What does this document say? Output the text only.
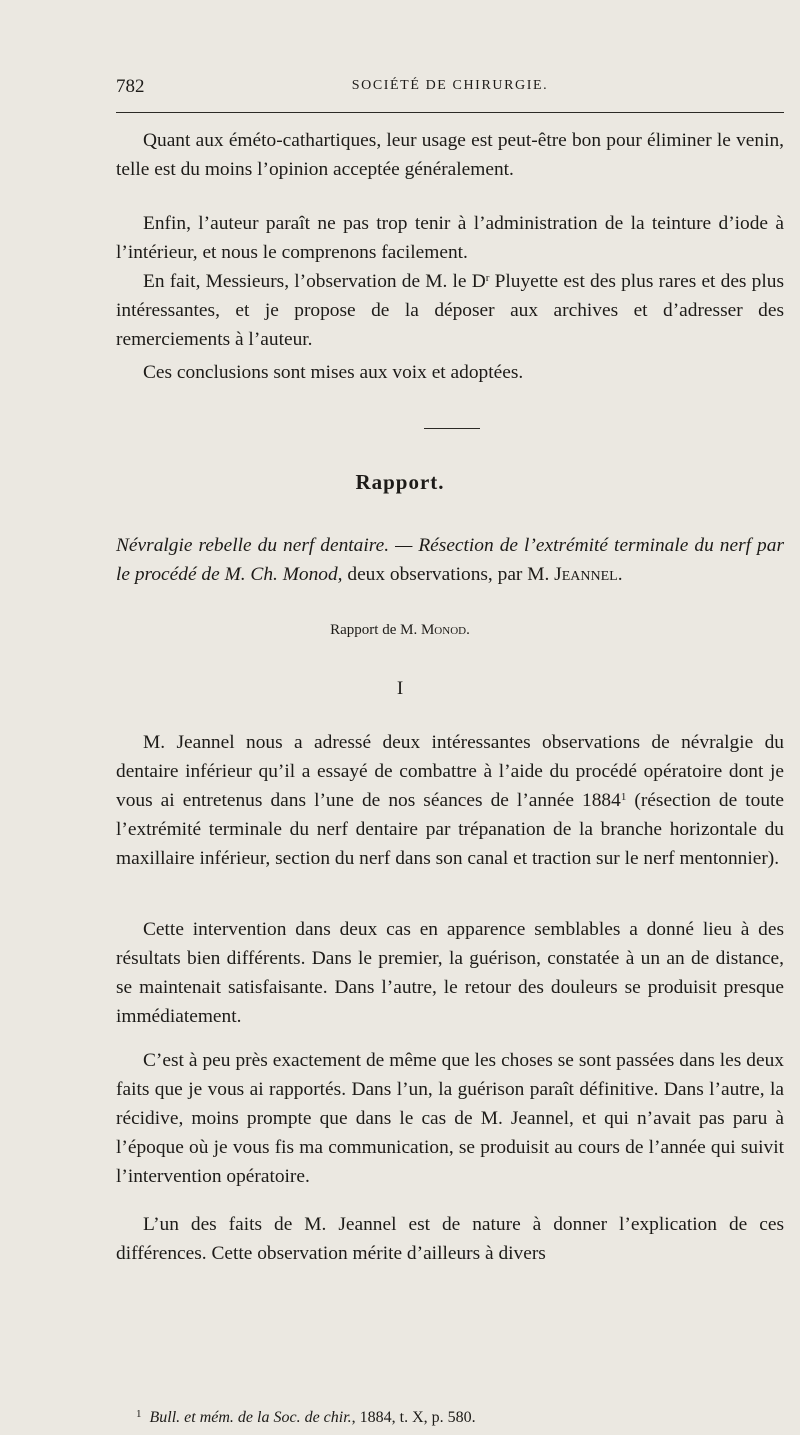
782	SOCIÉTÉ DE CHIRURGIE.

Quant aux éméto-cathartiques, leur usage est peut-être bon pour éliminer le venin, telle est du moins l’opinion acceptée généralement.

Enfin, l’auteur paraît ne pas trop tenir à l’administration de la teinture d’iode à l’intérieur, et nous le comprenons facilement.

En fait, Messieurs, l’observation de M. le $D^r$ Pluyette est des plus rares et des plus intéressantes, et je propose de la déposer aux archives et d’adresser des remerciements à l’auteur.

Ces conclusions sont mises aux voix et adoptées.

Rapport.
Névralgie rebelle du nerf dentaire. — Résection de l’extrémité terminale du nerf par le procédé de M. Ch. Monod, deux observations, par M. Jeannel.
Rapport de M. Monod.
I

M. Jeannel nous a adressé deux intéressantes observations de névralgie du dentaire inférieur qu’il a essayé de combattre à l’aide du procédé opératoire dont je vous ai entretenus dans l’une de nos séances de l’année 1884$^1$ (résection de toute l’extrémité terminale du nerf dentaire par trépanation de la branche horizontale du maxillaire inférieur, section du nerf dans son canal et traction sur le nerf mentonnier).

Cette intervention dans deux cas en apparence semblables a donné lieu à des résultats bien différents. Dans le premier, la guérison, constatée à un an de distance, se maintenait satisfaisante. Dans l’autre, le retour des douleurs se produisit presque immédiatement.

C’est à peu près exactement de même que les choses se sont passées dans les deux faits que je vous ai rapportés. Dans l’un, la guérison paraît définitive. Dans l’autre, la récidive, moins prompte que dans le cas de M. Jeannel, et qui n’avait pas paru à l’époque où je vous fis ma communication, se produisit au cours de l’année qui suivit l’intervention opératoire.

L’un des faits de M. Jeannel est de nature à donner l’explication de ces différences. Cette observation mérite d’ailleurs à divers

$^1$ Bull. et mém. de la Soc. de chir., 1884, t. X, p. 580.
